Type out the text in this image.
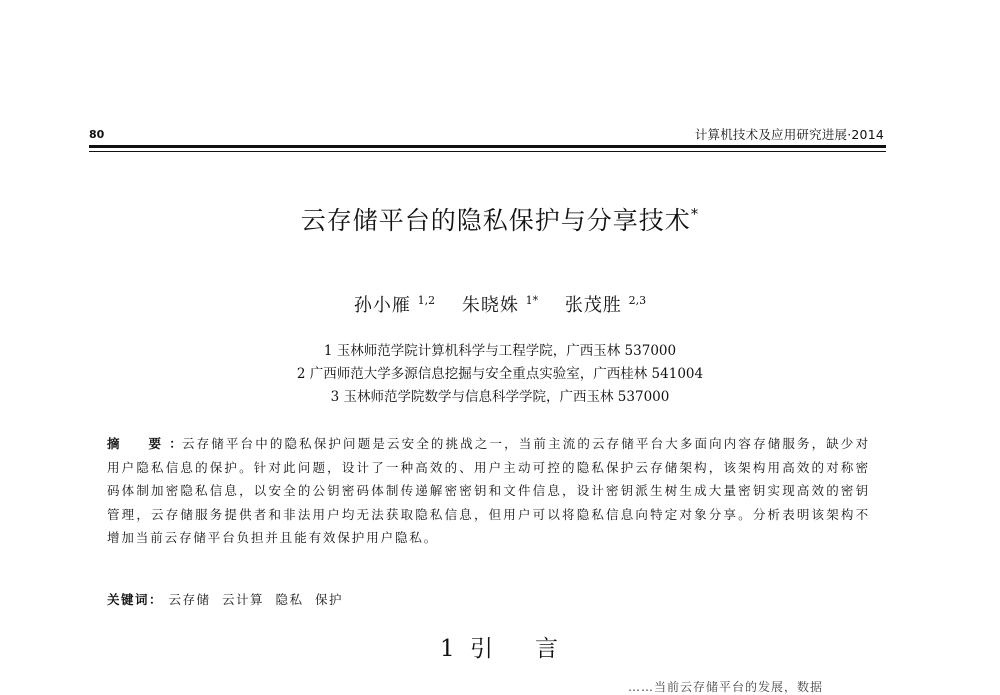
80	计算机技术及应用研究进展·2014
云存储平台的隐私保护与分享技术*
孙小雁 $^{1,2}$ 朱晓姝 $^{1*}$ 张茂胜 $^{2,3}$
1 玉林师范学院计算机科学与工程学院，广西玉林 537000
2 广西师范大学多源信息挖掘与安全重点实验室，广西桂林 541004
3 玉林师范学院数学与信息科学学院，广西玉林 537000

摘　要：云存储平台中的隐私保护问题是云安全的挑战之一，当前主流的云存储平台大多面向内容存储服务，缺少对用户隐私信息的保护。针对此问题，设计了一种高效的、用户主动可控的隐私保护云存储架构，该架构用高效的对称密码体制加密隐私信息，以安全的公钥密码体制传递解密密钥和文件信息，设计密钥派生树生成大量密钥实现高效的密钥管理，云存储服务提供者和非法用户均无法获取隐私信息，但用户可以将隐私信息向特定对象分享。分析表明该架构不增加当前云存储平台负担并且能有效保护用户隐私。

关键词： 云存储 云计算 隐私 保护
1 引言
……当前云存储平台的发展，数据
